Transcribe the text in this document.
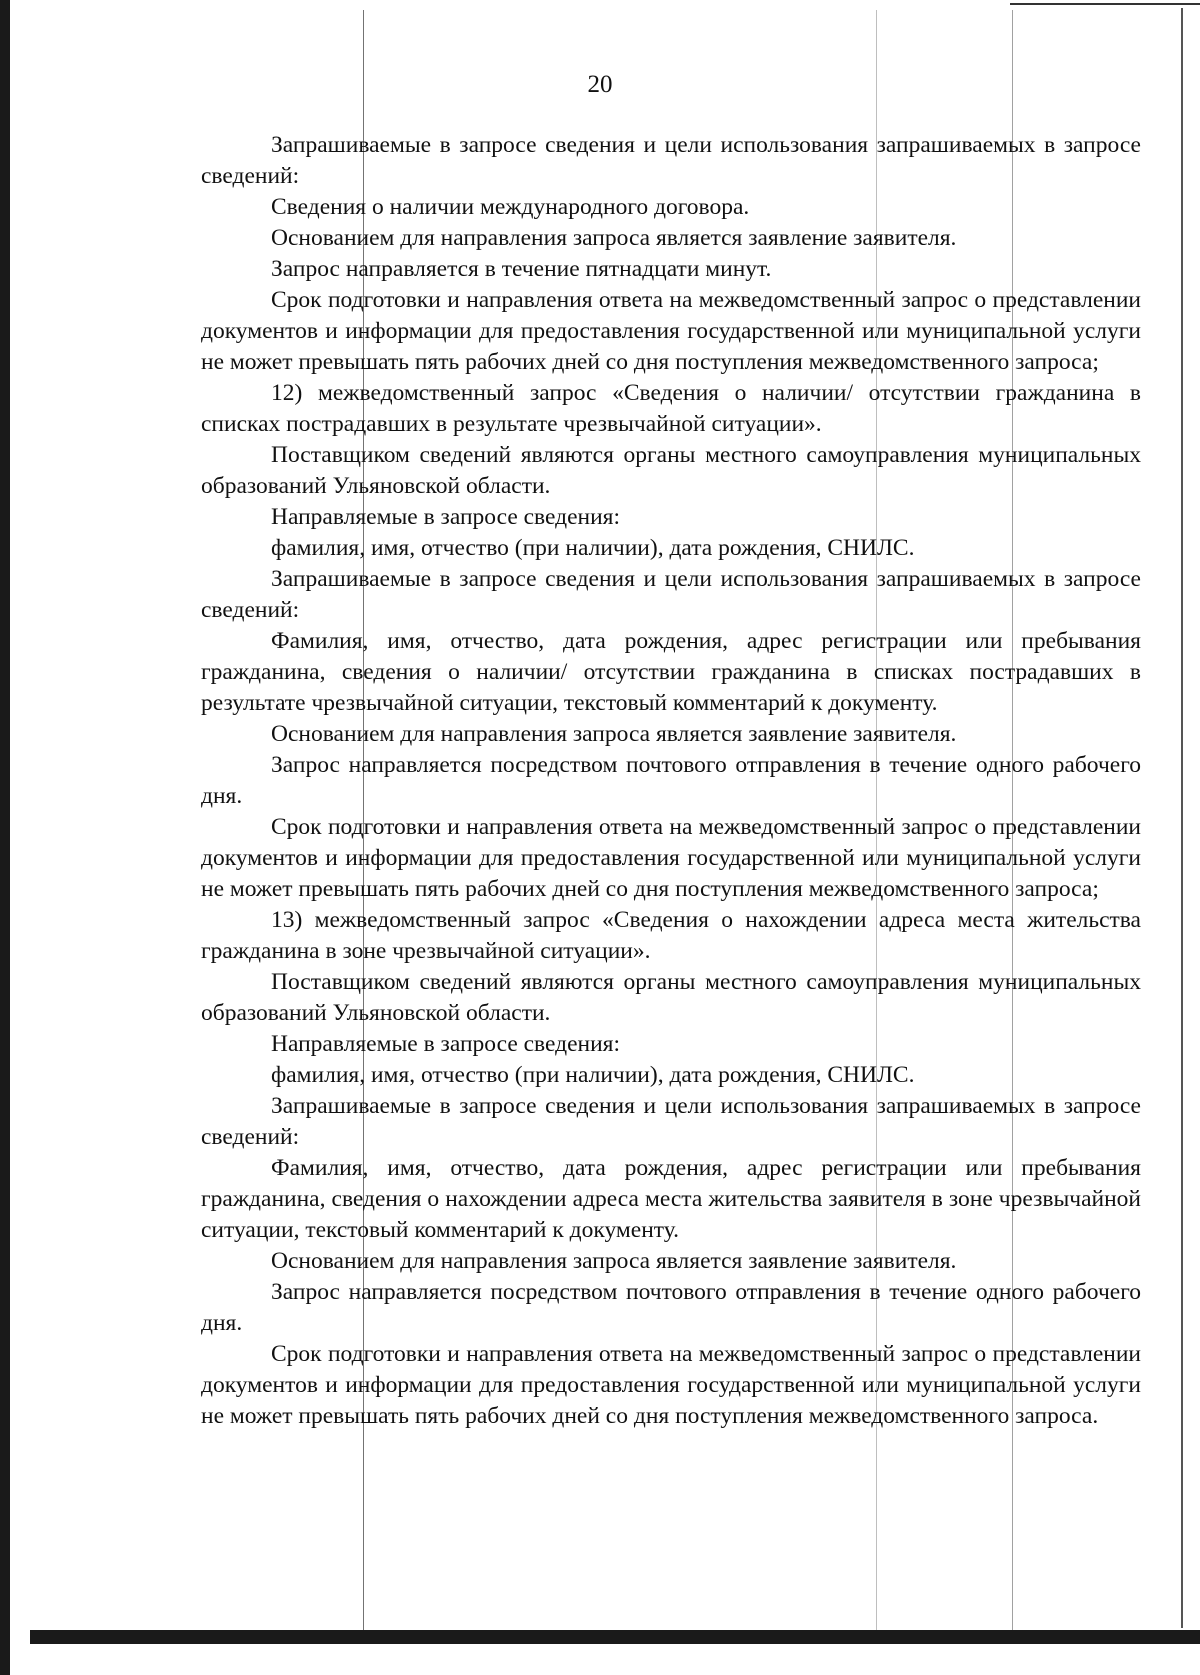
20

Запрашиваемые в запросе сведения и цели использования запрашиваемых в запросе сведений:

Сведения о наличии международного договора.

Основанием для направления запроса является заявление заявителя.

Запрос направляется в течение пятнадцати минут.

Срок подготовки и направления ответа на межведомственный запрос о представлении документов и информации для предоставления государственной или муниципальной услуги не может превышать пять рабочих дней со дня поступления межведомственного запроса;

12) межведомственный запрос «Сведения о наличии/ отсутствии гражданина в списках пострадавших в результате чрезвычайной ситуации».

Поставщиком сведений являются органы местного самоуправления муниципальных образований Ульяновской области.

Направляемые в запросе сведения:

фамилия, имя, отчество (при наличии), дата рождения, СНИЛС.

Запрашиваемые в запросе сведения и цели использования запрашиваемых в запросе сведений:

Фамилия, имя, отчество, дата рождения, адрес регистрации или пребывания гражданина, сведения о наличии/ отсутствии гражданина в списках пострадавших в результате чрезвычайной ситуации, текстовый комментарий к документу.

Основанием для направления запроса является заявление заявителя.

Запрос направляется посредством почтового отправления в течение одного рабочего дня.

Срок подготовки и направления ответа на межведомственный запрос о представлении документов и информации для предоставления государственной или муниципальной услуги не может превышать пять рабочих дней со дня поступления межведомственного запроса;

13) межведомственный запрос «Сведения о нахождении адреса места жительства гражданина в зоне чрезвычайной ситуации».

Поставщиком сведений являются органы местного самоуправления муниципальных образований Ульяновской области.

Направляемые в запросе сведения:

фамилия, имя, отчество (при наличии), дата рождения, СНИЛС.

Запрашиваемые в запросе сведения и цели использования запрашиваемых в запросе сведений:

Фамилия, имя, отчество, дата рождения, адрес регистрации или пребывания гражданина, сведения о нахождении адреса места жительства заявителя в зоне чрезвычайной ситуации, текстовый комментарий к документу.

Основанием для направления запроса является заявление заявителя.

Запрос направляется посредством почтового отправления в течение одного рабочего дня.

Срок подготовки и направления ответа на межведомственный запрос о представлении документов и информации для предоставления государственной или муниципальной услуги не может превышать пять рабочих дней со дня поступления межведомственного запроса.
